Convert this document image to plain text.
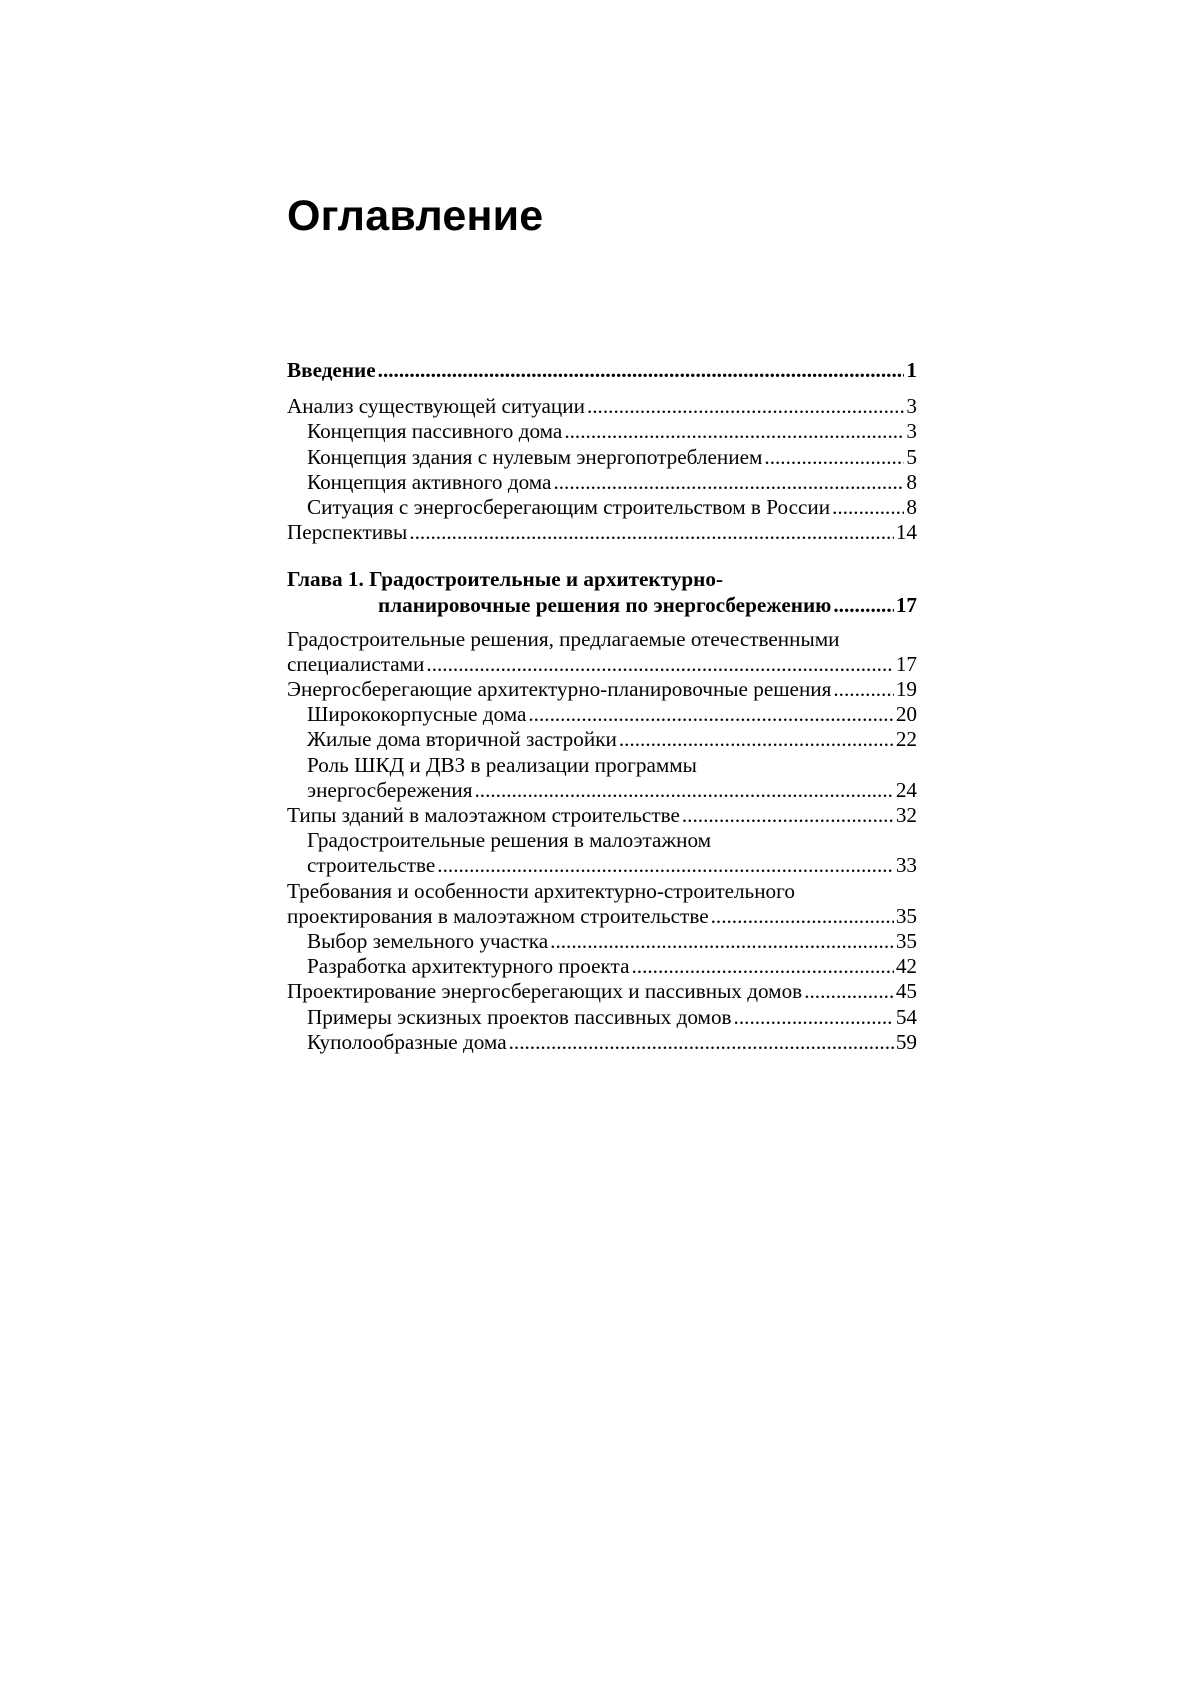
Оглавление
Введение .....	1
Анализ существующей ситуации .....	3
Концепция пассивного дома .....	3
Концепция здания с нулевым энергопотреблением .....	5
Концепция активного дома .....	8
Ситуация с энергосберегающим строительством в России .....	8
Перспективы .....	14
Глава 1. Градостроительные и архитектурно-
планировочные решения по энергосбережению .....	17
Градостроительные решения, предлагаемые отечественными
специалистами .....	17
Энергосберегающие архитектурно-планировочные решения .....	19
Ширококорпусные дома .....	20
Жилые дома вторичной застройки .....	22
Роль ШКД и ДВЗ в реализации программы
энергосбережения .....	24
Типы зданий в малоэтажном строительстве .....	32
Градостроительные решения в малоэтажном
строительстве .....	33
Требования и особенности архитектурно-строительного
проектирования в малоэтажном строительстве .....	35
Выбор земельного участка .....	35
Разработка архитектурного проекта .....	42
Проектирование энергосберегающих и пассивных домов .....	45
Примеры эскизных проектов пассивных домов .....	54
Куполообразные дома .....	59
